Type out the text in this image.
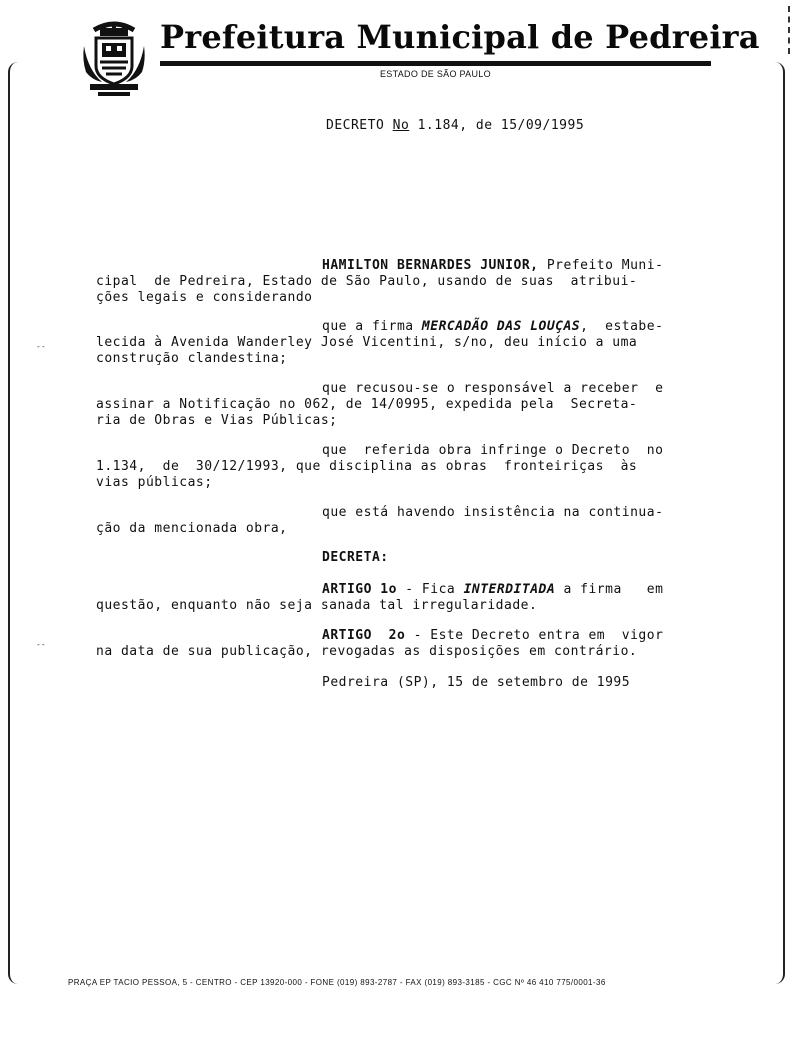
Prefeitura Municipal de Pedreira
ESTADO DE SÃO PAULO
DECRETO No 1.184, de 15/09/1995
HAMILTON BERNARDES JUNIOR, Prefeito Muni-
cipal  de Pedreira, Estado de São Paulo, usando de suas  atribui-
ções legais e considerando
que a firma MERCADÃO DAS LOUÇAS,  estabe-
lecida à Avenida Wanderley José Vicentini, s/no, deu início a uma
construção clandestina;
que recusou-se o responsável a receber  e
assinar a Notificação no 062, de 14/0995, expedida pela  Secreta-
ria de Obras e Vias Públicas;
que  referida obra infringe o Decreto  no
1.134,  de  30/12/1993, que disciplina as obras  fronteiriças  às
vias públicas;
que está havendo insistência na continua-
ção da mencionada obra,
DECRETA:
ARTIGO 1o - Fica INTERDITADA a firma   em
questão, enquanto não seja sanada tal irregularidade.
ARTIGO  2o - Este Decreto entra em  vigor
na data de sua publicação, revogadas as disposições em contrário.
Pedreira (SP), 15 de setembro de 1995
--
--
PRAÇA EP TACIO PESSOA, 5 - CENTRO - CEP 13920-000 - FONE (019) 893-2787 - FAX (019) 893-3185 - CGC Nº 46 410 775/0001-36
